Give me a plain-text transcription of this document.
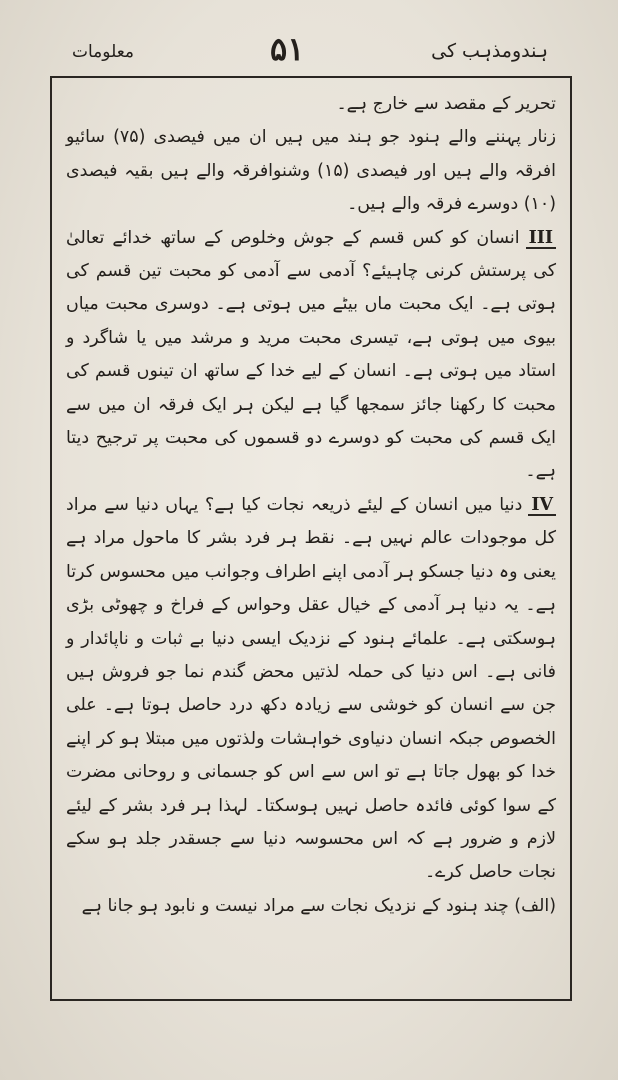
معلومات	۵۱	ہندومذہب کی

تحریر کے مقصد سے خارج ہے۔

زنار پہننے والے ہنود جو ہند میں ہیں ان میں فیصدی (۷۵) سائیو افرقہ والے ہیں اور فیصدی (۱۵) وشنوافرقہ والے ہیں بقیہ فیصدی (۱۰) دوسرے فرقہ والے ہیں۔

IIIانسان کو کس قسم کے جوش وخلوص کے ساتھ خدائے تعالیٰ کی پرستش کرنی چاہیئے؟ آدمی سے آدمی کو محبت تین قسم کی ہوتی ہے۔ ایک محبت ماں بیٹے میں ہوتی ہے۔ دوسری محبت میاں بیوی میں ہوتی ہے، تیسری محبت مرید و مرشد میں یا شاگرد و استاد میں ہوتی ہے۔ انسان کے لیے خدا کے ساتھ ان تینوں قسم کی محبت کا رکھنا جائز سمجھا گیا ہے لیکن ہر ایک فرقہ ان میں سے ایک قسم کی محبت کو دوسرے دو قسموں کی محبت پر ترجیح دیتا ہے۔

IVدنیا میں انسان کے لیئے ذریعہ نجات کیا ہے؟ یہاں دنیا سے مراد کل موجودات عالم نہیں ہے۔ نقط ہر فرد بشر کا ماحول مراد ہے یعنی وہ دنیا جسکو ہر آدمی اپنے اطراف وجوانب میں محسوس کرتا ہے۔ یہ دنیا ہر آدمی کے خیال عقل وحواس کے فراخ و چھوٹی بڑی ہوسکتی ہے۔ علمائے ہنود کے نزدیک ایسی دنیا بے ثبات و ناپائدار و فانی ہے۔ اس دنیا کی حملہ لذتیں محض گندم نما جو فروش ہیں جن سے انسان کو خوشی سے زیادہ دکھ درد حاصل ہوتا ہے۔ علی الخصوص جبکہ انسان دنیاوی خواہشات ولذتوں میں مبتلا ہو کر اپنے خدا کو بھول جاتا ہے تو اس سے اس کو جسمانی و روحانی مضرت کے سوا کوئی فائدہ حاصل نہیں ہوسکتا۔ لہذا ہر فرد بشر کے لیئے لازم و ضرور ہے کہ اس محسوسہ دنیا سے جسقدر جلد ہو سکے نجات حاصل کرے۔

(الف) چند ہنود کے نزدیک نجات سے مراد نیست و نابود ہو جانا ہے
